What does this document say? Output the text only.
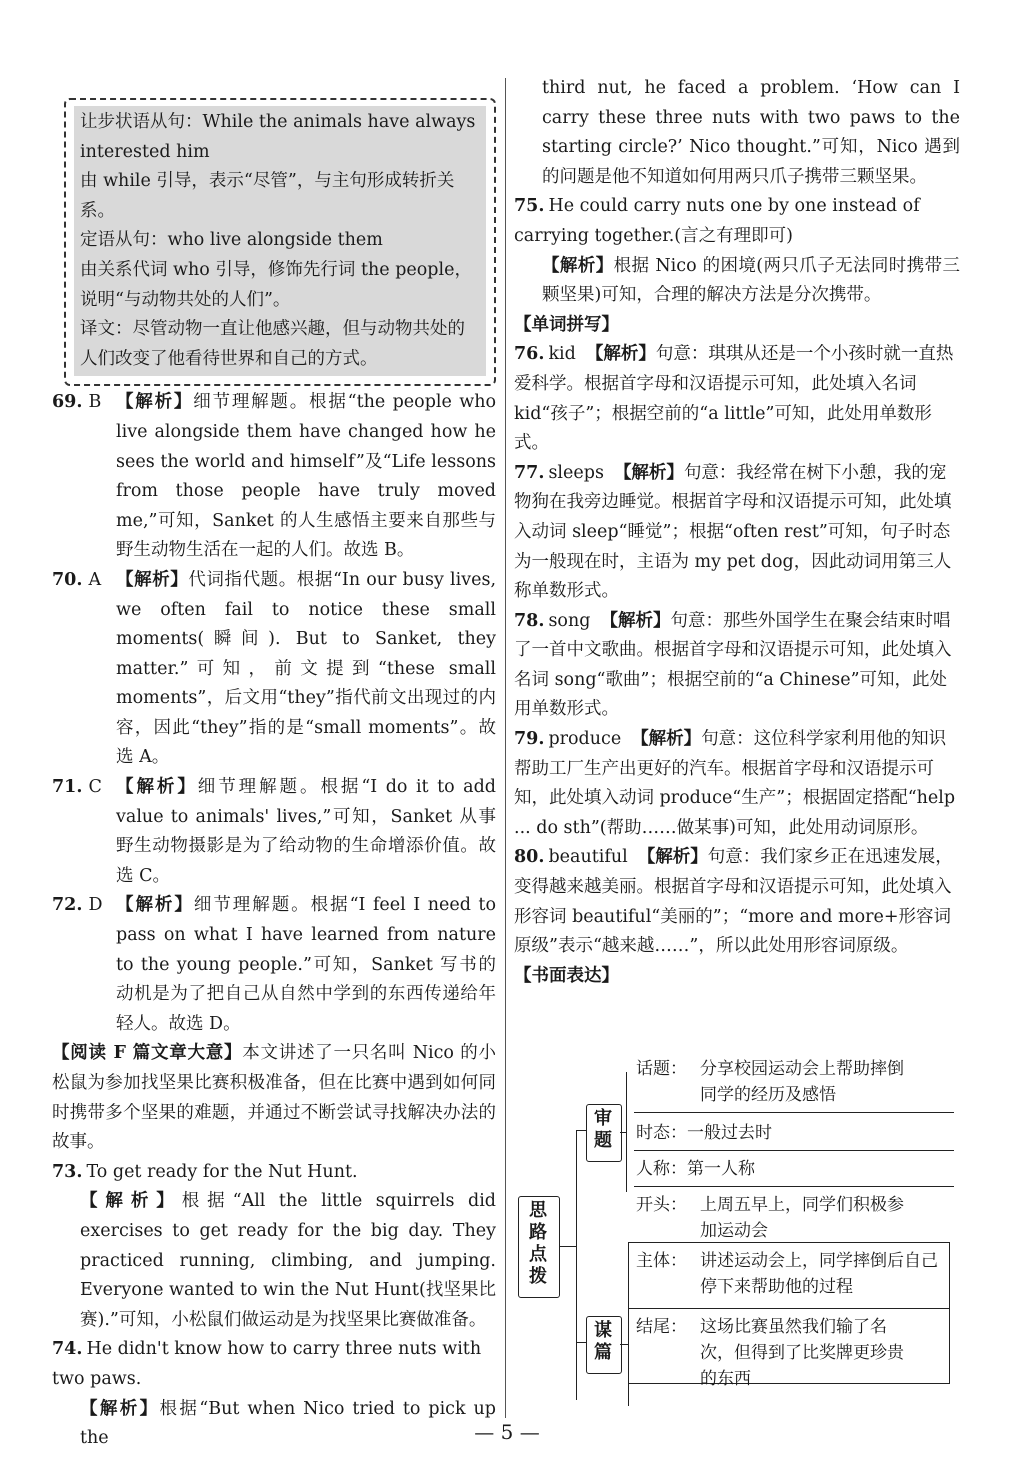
让步状语从句：While the animals have always interested him

由 while 引导，表示“尽管”，与主句形成转折关系。

定语从句：who live alongside them

由关系代词 who 引导，修饰先行词 the people，说明“与动物共处的人们”。

译文：尽管动物一直让他感兴趣，但与动物共处的人们改变了他看待世界和自己的方式。

69. B 【解析】细节理解题。根据“the people who live alongside them have changed how he sees the world and himself”及“Life lessons from those people have truly moved me,”可知，Sanket 的人生感悟主要来自那些与野生动物生活在一起的人们。故选 B。

70. A 【解析】代词指代题。根据“In our busy lives, we often fail to notice these small moments(瞬间). But to Sanket, they matter.”可知，前文提到“these small moments”，后文用“they”指代前文出现过的内容，因此“they”指的是“small moments”。故选 A。

71. C 【解析】细节理解题。根据“I do it to add value to animals' lives,”可知，Sanket 从事野生动物摄影是为了给动物的生命增添价值。故选 C。

72. D 【解析】细节理解题。根据“I feel I need to pass on what I have learned from nature to the young people.”可知，Sanket 写书的动机是为了把自己从自然中学到的东西传递给年轻人。故选 D。

【阅读 F 篇文章大意】本文讲述了一只名叫 Nico 的小松鼠为参加找坚果比赛积极准备，但在比赛中遇到如何同时携带多个坚果的难题，并通过不断尝试寻找解决办法的故事。

73. To get ready for the Nut Hunt.

【解析】根据“All the little squirrels did exercises to get ready for the big day. They practiced running, climbing, and jumping. Everyone wanted to win the Nut Hunt(找坚果比赛).”可知，小松鼠们做运动是为找坚果比赛做准备。

74. He didn't know how to carry three nuts with two paws.

【解析】根据“But when Nico tried to pick up the

third nut, he faced a problem. ‘How can I carry these three nuts with two paws to the starting circle?’ Nico thought.”可知，Nico 遇到的问题是他不知道如何用两只爪子携带三颗坚果。

75. He could carry nuts one by one instead of carrying together.(言之有理即可)

【解析】根据 Nico 的困境(两只爪子无法同时携带三颗坚果)可知，合理的解决方法是分次携带。

【单词拼写】

76. kid 【解析】句意：琪琪从还是一个小孩时就一直热爱科学。根据首字母和汉语提示可知，此处填入名词 kid“孩子”；根据空前的“a little”可知，此处用单数形式。

77. sleeps 【解析】句意：我经常在树下小憩，我的宠物狗在我旁边睡觉。根据首字母和汉语提示可知，此处填入动词 sleep“睡觉”；根据“often rest”可知，句子时态为一般现在时，主语为 my pet dog，因此动词用第三人称单数形式。

78. song 【解析】句意：那些外国学生在聚会结束时唱了一首中文歌曲。根据首字母和汉语提示可知，此处填入名词 song“歌曲”；根据空前的“a Chinese”可知，此处用单数形式。

79. produce 【解析】句意：这位科学家利用他的知识帮助工厂生产出更好的汽车。根据首字母和汉语提示可知，此处填入动词 produce“生产”；根据固定搭配“help ... do sth”(帮助……做某事)可知，此处用动词原形。

80. beautiful 【解析】句意：我们家乡正在迅速发展，变得越来越美丽。根据首字母和汉语提示可知，此处填入形容词 beautiful“美丽的”；“more and more+形容词原级”表示“越来越……”，所以此处用形容词原级。

【书面表达】

思路点拨
审题
谋篇
话题： 分享校园运动会上帮助摔倒同学的经历及感悟
时态：一般过去时
人称：第一人称
开头： 上周五早上，同学们积极参加运动会
主体： 讲述运动会上，同学摔倒后自己停下来帮助他的过程
结尾： 这场比赛虽然我们输了名次，但得到了比奖牌更珍贵的东西
— 5 —
